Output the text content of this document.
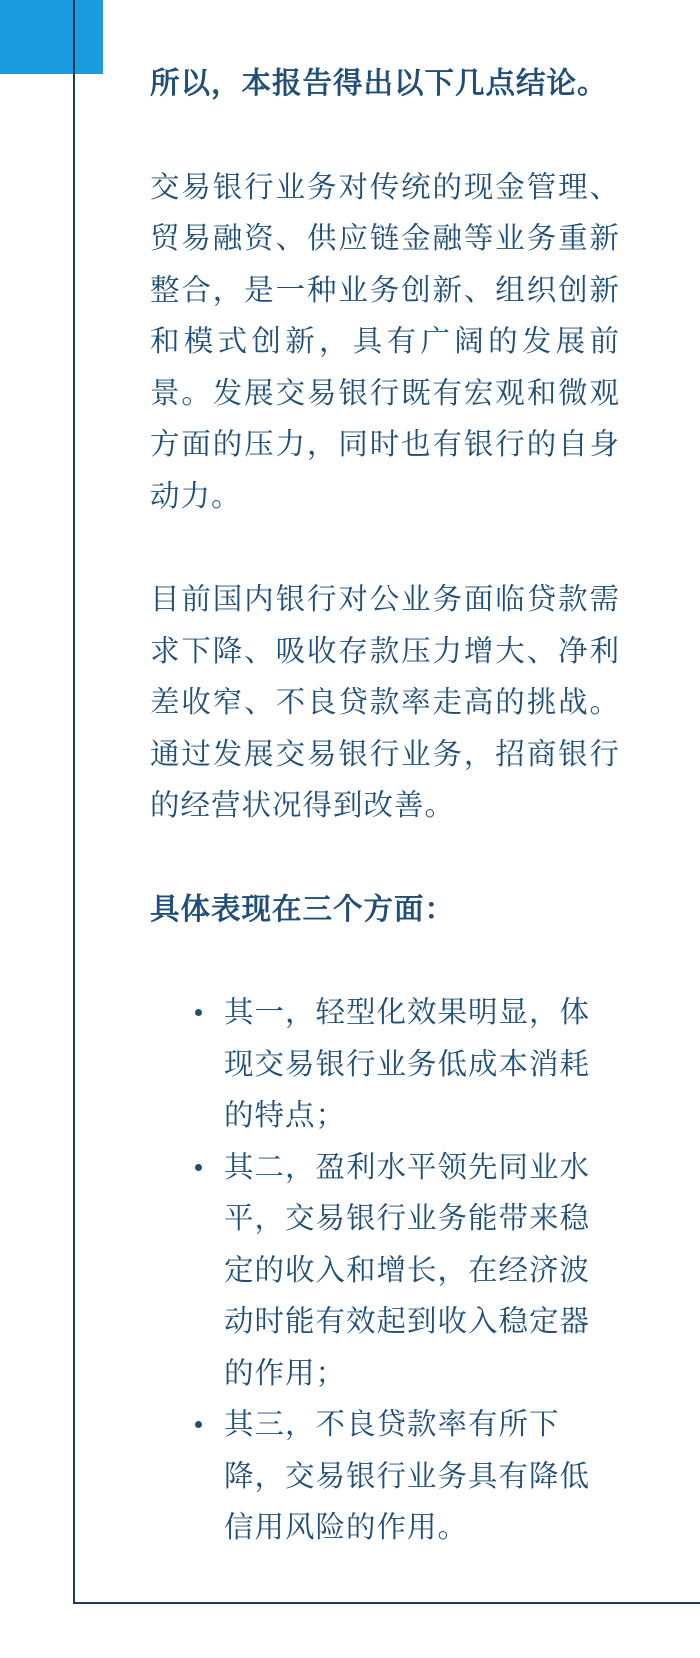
所以，本报告得出以下几点结论。

交易银行业务对传统的现金管理、贸易融资、供应链金融等业务重新整合，是一种业务创新、组织创新和模式创新，具有广阔的发展前景。发展交易银行既有宏观和微观方面的压力，同时也有银行的自身动力。

目前国内银行对公业务面临贷款需求下降、吸收存款压力增大、净利差收窄、不良贷款率走高的挑战。通过发展交易银行业务，招商银行的经营状况得到改善。

具体表现在三个方面：

其一，轻型化效果明显，体现交易银行业务低成本消耗的特点；
其二，盈利水平领先同业水平，交易银行业务能带来稳定的收入和增长，在经济波动时能有效起到收入稳定器的作用；
其三，不良贷款率有所下降，交易银行业务具有降低信用风险的作用。
